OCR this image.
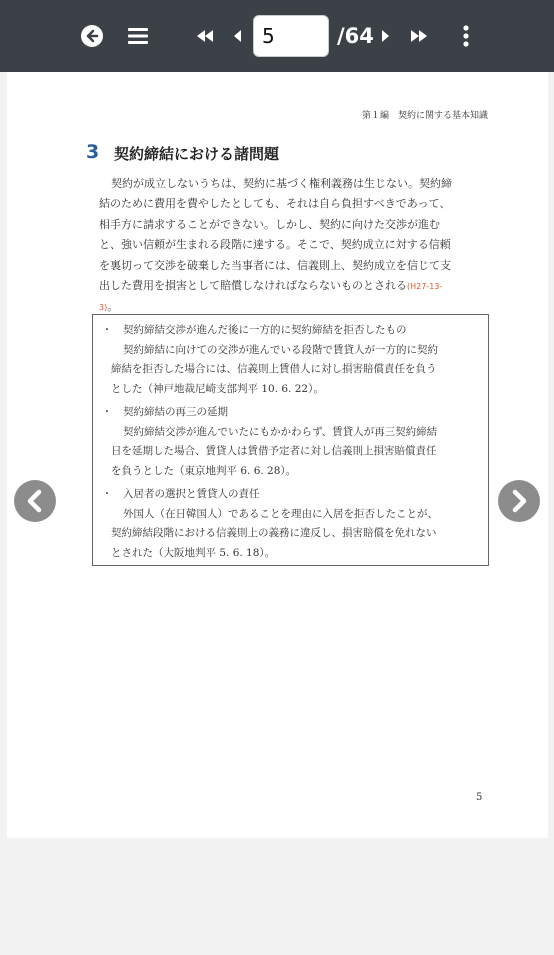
5
/64
第１編　契約に関する基本知識
3 契約締結における諸問題

契約が成立しないうちは、契約に基づく権利義務は生じない。契約締
結のために費用を費やしたとしても、それは自ら負担すべきであって、
相手方に請求することができない。しかし、契約に向けた交渉が進む
と、強い信頼が生まれる段階に達する。そこで、契約成立に対する信頼
を裏切って交渉を破棄した当事者には、信義則上、契約成立を信じて支
出した費用を損害として賠償しなければならないものとされる(H27-13-
3)。

・	契約締結交渉が進んだ後に一方的に契約締結を拒否したもの
契約締結に向けての交渉が進んでいる段階で賃貸人が一方的に契約
締結を拒否した場合には、信義則上賃借人に対し損害賠償責任を負う
とした（神戸地裁尼崎支部判平 10. 6. 22）。
・	契約締結の再三の延期
契約締結交渉が進んでいたにもかかわらず、賃貸人が再三契約締結
日を延期した場合、賃貸人は賃借予定者に対し信義則上損害賠償責任
を負うとした（東京地判平 6. 6. 28）。
・	入居者の選択と賃貸人の責任
外国人（在日韓国人）であることを理由に入居を拒否したことが、
契約締結段階における信義則上の義務に違反し、損害賠償を免れない
とされた（大阪地判平 5. 6. 18）。
5
